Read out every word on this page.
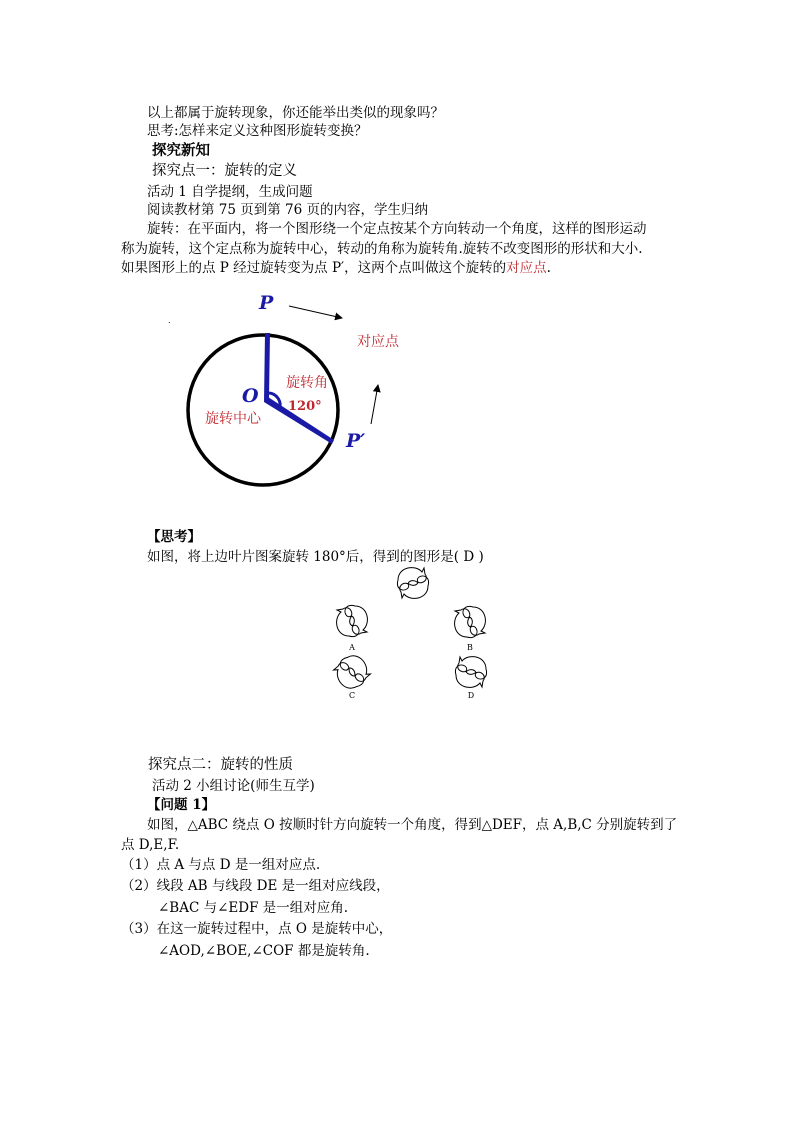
以上都属于旋转现象，你还能举出类似的现象吗？
思考:怎样来定义这种图形旋转变换？
探究新知
探究点一：旋转的定义
活动 1 自学提纲，生成问题
阅读教材第 75 页到第 76 页的内容，学生归纳
旋转：在平面内，将一个图形绕一个定点按某个方向转动一个角度，这样的图形运动
称为旋转，这个定点称为旋转中心，转动的角称为旋转角.旋转不改变图形的形状和大小.
如果图形上的点 P 经过旋转变为点 P′，这两个点叫做这个旋转的对应点.
P
P′
O
对应点
旋转角
120°
旋转中心
.
【思考】
如图，将上边叶片图案旋转 180°后，得到的图形是( D )
A	B
C	D
探究点二：旋转的性质
活动 2 小组讨论(师生互学)
【问题 1】
如图，△ABC 绕点 O 按顺时针方向旋转一个角度，得到△DEF，点 A,B,C 分别旋转到了
点 D,E,F.
（1）点 A 与点 D 是一组对应点.
（2）线段 AB 与线段 DE 是一组对应线段，
∠BAC 与∠EDF 是一组对应角.
（3）在这一旋转过程中，点 O 是旋转中心，
∠AOD,∠BOE,∠COF 都是旋转角.
